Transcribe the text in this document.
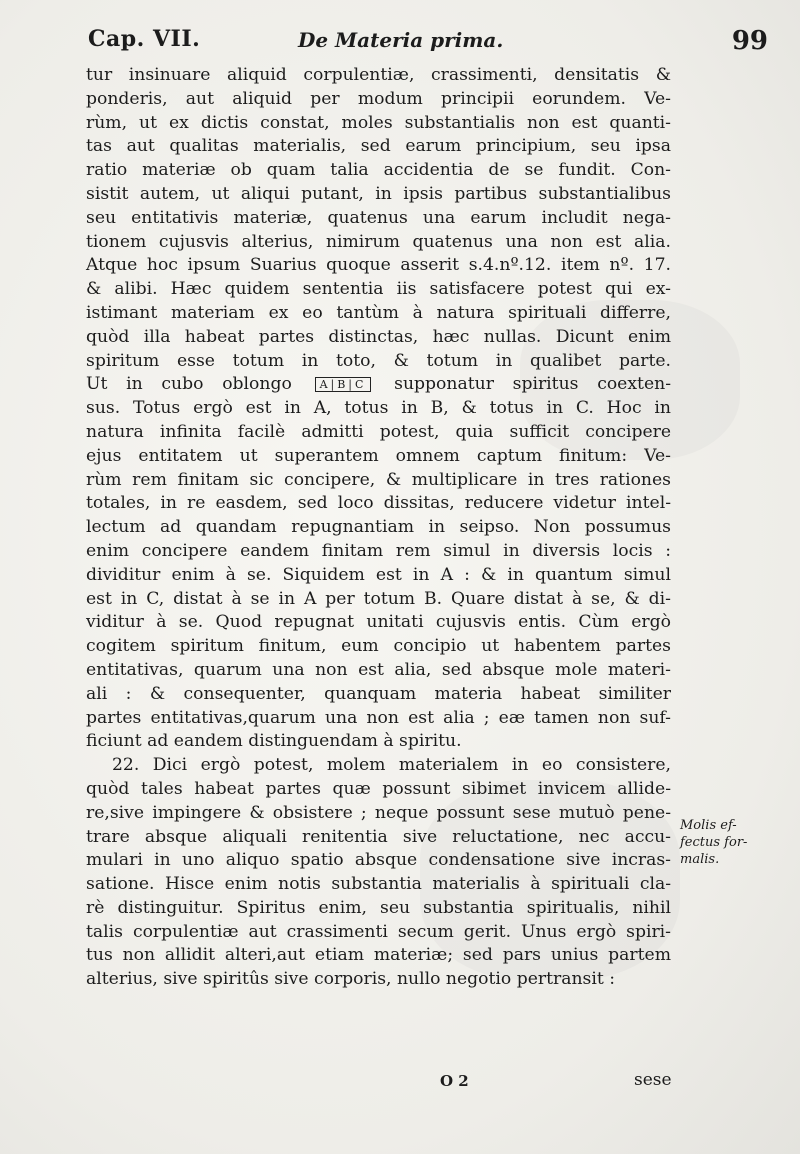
Cap. VII.	De Materia prima.	99
tur insinuare aliquid corpulentiæ, crassimenti, densitatis &
ponderis, aut aliquid per modum principii eorundem. Ve-
rùm, ut ex dictis constat, moles substantialis non est quanti-
tas aut qualitas materialis, sed earum principium, seu ipsa
ratio materiæ ob quam talia accidentia de se fundit. Con-
sistit autem, ut aliqui putant, in ipsis partibus substantialibus
seu entitativis materiæ, quatenus una earum includit nega-
tionem cujusvis alterius, nimirum quatenus una non est alia.
Atque hoc ipsum Suarius quoque asserit s.4.nº.12. item nº. 17.
& alibi. Hæc quidem sententia iis satisfacere potest qui ex-
istimant materiam ex eo tantùm à natura spirituali differre,
quòd illa habeat partes distinctas, hæc nullas. Dicunt enim
spiritum esse totum in toto, & totum in qualibet parte.
Ut in cubo oblongo A|B|C supponatur spiritus coexten-
sus. Totus ergò est in A, totus in B, & totus in C. Hoc in
natura infinita facilè admitti potest, quia sufficit concipere
ejus entitatem ut superantem omnem captum finitum: Ve-
rùm rem finitam sic concipere, & multiplicare in tres rationes
totales, in re easdem, sed loco dissitas, reducere videtur intel-
lectum ad quandam repugnantiam in seipso. Non possumus
enim concipere eandem finitam rem simul in diversis locis :
dividitur enim à se. Siquidem est in A : & in quantum simul
est in C, distat à se in A per totum B. Quare distat à se, & di-
viditur à se. Quod repugnat unitati cujusvis entis. Cùm ergò
cogitem spiritum finitum, eum concipio ut habentem partes
entitativas, quarum una non est alia, sed absque mole materi-
ali : & consequenter, quanquam materia habeat similiter
partes entitativas,quarum una non est alia ; eæ tamen non suf-
ficiunt ad eandem distinguendam à spiritu.
22. Dici ergò potest, molem materialem in eo consistere,
quòd tales habeat partes quæ possunt sibimet invicem allide-
re,sive impingere & obsistere ; neque possunt sese mutuò pene-
trare absque aliquali renitentia sive reluctatione, nec accu-
mulari in uno aliquo spatio absque condensatione sive incras-
satione. Hisce enim notis substantia materialis à spirituali cla-
rè distinguitur. Spiritus enim, seu substantia spiritualis, nihil
talis corpulentiæ aut crassimenti secum gerit. Unus ergò spiri-
tus non allidit alteri,aut etiam materiæ; sed pars unius partem
alterius, sive spiritûs sive corporis, nullo negotio pertransit :
Molis ef-
fectus for-
malis.
O 2	sese
